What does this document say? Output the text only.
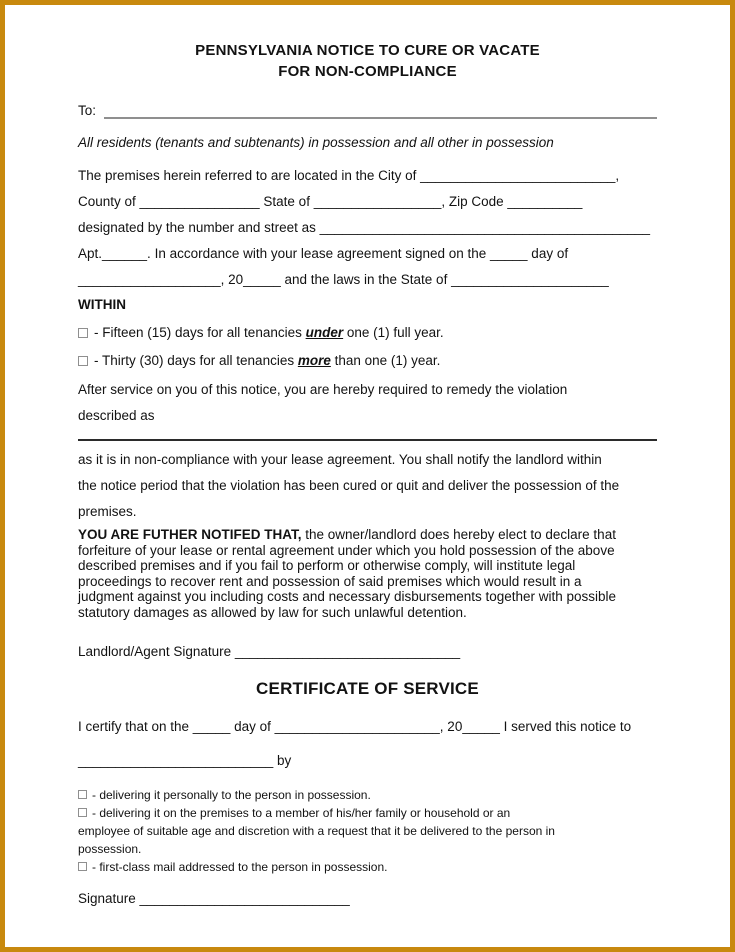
PENNSYLVANIA NOTICE TO CURE OR VACATE
FOR NON-COMPLIANCE
To:
All residents (tenants and subtenants) in possession and all other in possession
The premises herein referred to are located in the City of __________________________,
County of ________________ State of _________________, Zip Code __________
designated by the number and street as ____________________________________________
Apt.______. In accordance with your lease agreement signed on the _____ day of
___________________, 20_____ and the laws in the State of _____________________
WITHIN
- Fifteen (15) days for all tenancies under one (1) full year.
- Thirty (30) days for all tenancies more than one (1) year.
After service on you of this notice, you are hereby required to remedy the violation
described as
as it is in non-compliance with your lease agreement. You shall notify the landlord within
the notice period that the violation has been cured or quit and deliver the possession of the
premises.
YOU ARE FUTHER NOTIFED THAT, the owner/landlord does hereby elect to declare that
forfeiture of your lease or rental agreement under which you hold possession of the above
described premises and if you fail to perform or otherwise comply, will institute legal
proceedings to recover rent and possession of said premises which would result in a
judgment against you including costs and necessary disbursements together with possible
statutory damages as allowed by law for such unlawful detention.
Landlord/Agent Signature ______________________________
CERTIFICATE OF SERVICE
I certify that on the _____ day of ______________________, 20_____ I served this notice to
__________________________ by
- delivering it personally to the person in possession.
- delivering it on the premises to a member of his/her family or household or an
employee of suitable age and discretion with a request that it be delivered to the person in
possession.
- first-class mail addressed to the person in possession.
Signature ____________________________
